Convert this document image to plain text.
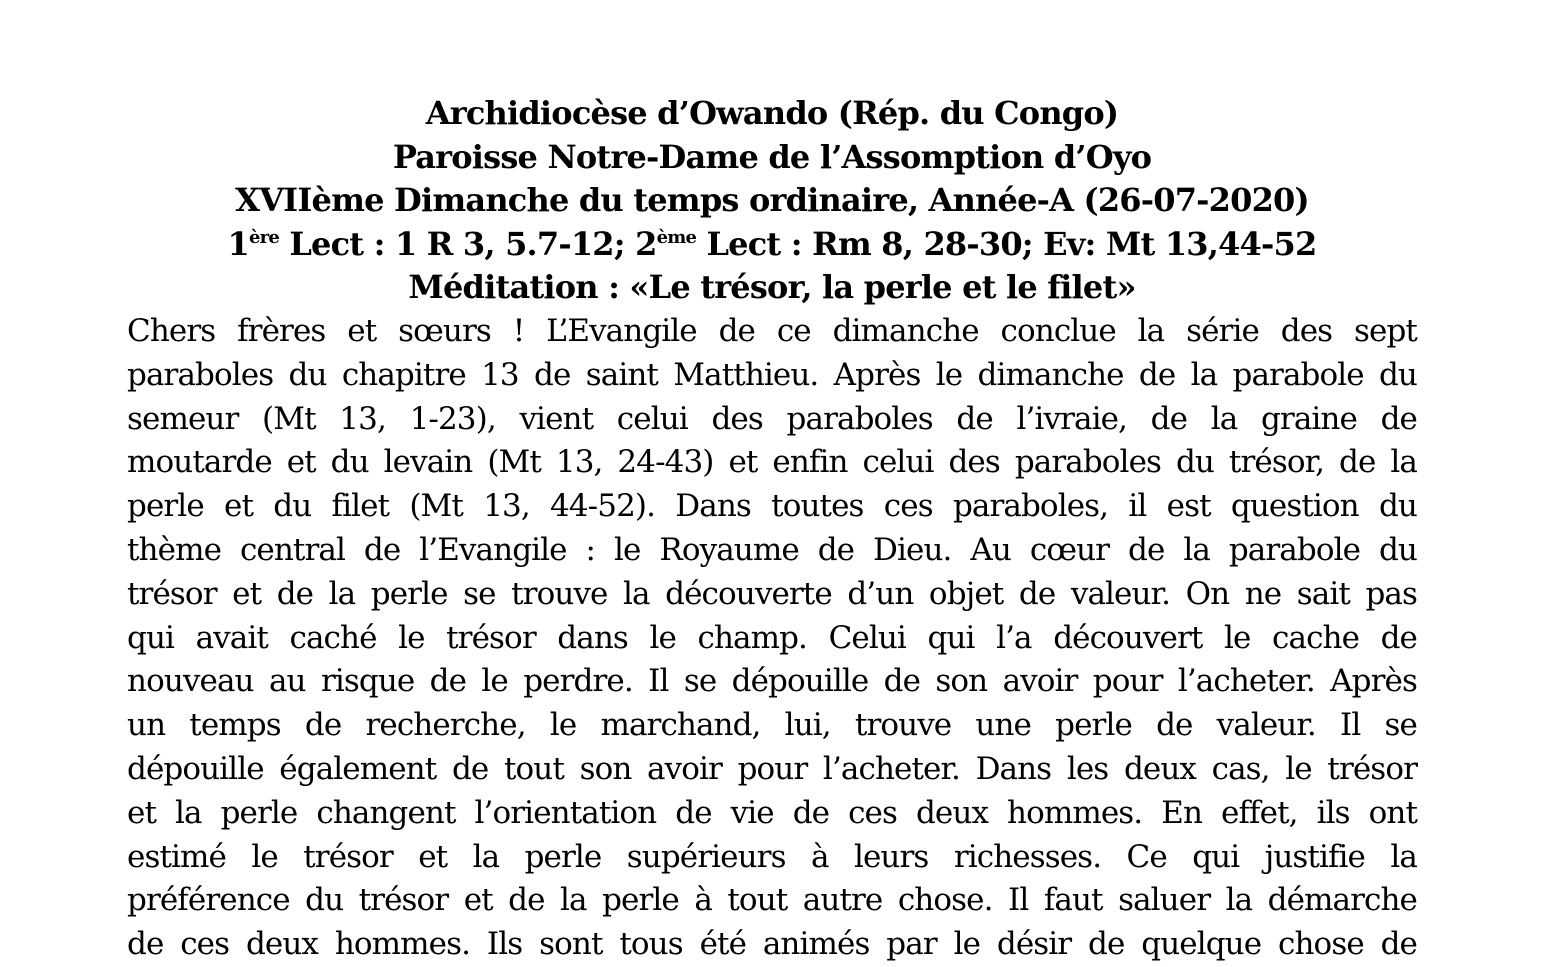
Archidiocèse d’Owando (Rép. du Congo)
Paroisse Notre-Dame de l’Assomption d’Oyo
XVIIème Dimanche du temps ordinaire, Année-A (26-07-2020)
1ère Lect : 1 R 3, 5.7-12; 2ème Lect : Rm 8, 28-30; Ev: Mt 13,44-52
Méditation : «Le trésor, la perle et le filet»
Chers frères et sœurs ! L’Evangile de ce dimanche conclue la série des sept
paraboles du chapitre 13 de saint Matthieu. Après le dimanche de la parabole du
semeur (Mt 13, 1-23), vient celui des paraboles de l’ivraie, de la graine de
moutarde et du levain (Mt 13, 24-43) et enfin celui des paraboles du trésor, de la
perle et du filet (Mt 13, 44-52). Dans toutes ces paraboles, il est question du
thème central de l’Evangile : le Royaume de Dieu. Au cœur de la parabole du
trésor et de la perle se trouve la découverte d’un objet de valeur. On ne sait pas
qui avait caché le trésor dans le champ. Celui qui l’a découvert le cache de
nouveau au risque de le perdre. Il se dépouille de son avoir pour l’acheter. Après
un temps de recherche, le marchand, lui, trouve une perle de valeur. Il se
dépouille également de tout son avoir pour l’acheter. Dans les deux cas, le trésor
et la perle changent l’orientation de vie de ces deux hommes. En effet, ils ont
estimé le trésor et la perle supérieurs à leurs richesses. Ce qui justifie la
préférence du trésor et de la perle à tout autre chose. Il faut saluer la démarche
de ces deux hommes. Ils sont tous été animés par le désir de quelque chose de
